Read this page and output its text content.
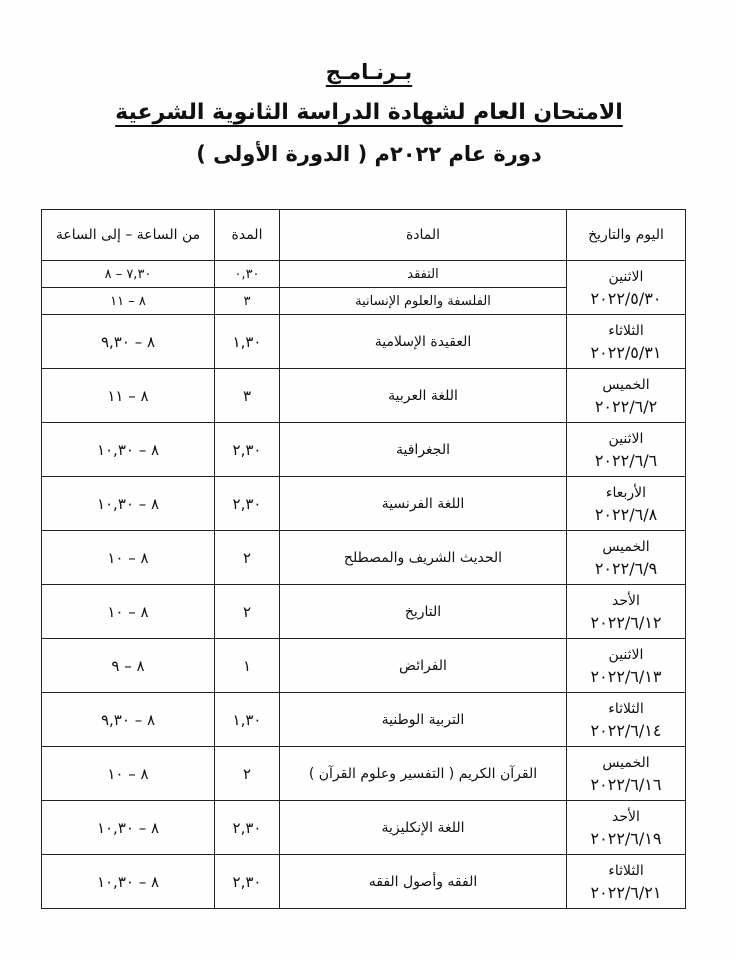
بـرنـامـج
الامتحان العام لشهادة الدراسة الثانوية الشرعية
دورة عام ٢٠٢٢م ( الدورة الأولى )
اليوم والتاريخ	المادة	المدة	من الساعة – إلى الساعة

الاثنين
٢٠٢٢/٥/٣٠	التفقد	٠,٣٠	٧,٣٠ – ٨
	الفلسفة والعلوم الإنسانية	٣	٨ – ١١

الثلاثاء
٢٠٢٢/٥/٣١	العقيدة الإسلامية	١,٣٠	٨ – ٩,٣٠

الخميس
٢٠٢٢/٦/٢	اللغة العربية	٣	٨ – ١١

الاثنين
٢٠٢٢/٦/٦	الجغرافية	٢,٣٠	٨ – ١٠,٣٠

الأربعاء
٢٠٢٢/٦/٨	اللغة الفرنسية	٢,٣٠	٨ – ١٠,٣٠

الخميس
٢٠٢٢/٦/٩	الحديث الشريف والمصطلح	٢	٨ – ١٠

الأحد
٢٠٢٢/٦/١٢	التاريخ	٢	٨ – ١٠

الاثنين
٢٠٢٢/٦/١٣	الفرائض	١	٨ – ٩

الثلاثاء
٢٠٢٢/٦/١٤	التربية الوطنية	١,٣٠	٨ – ٩,٣٠

الخميس
٢٠٢٢/٦/١٦	القرآن الكريم ( التفسير وعلوم القرآن )	٢	٨ – ١٠

الأحد
٢٠٢٢/٦/١٩	اللغة الإنكليزية	٢,٣٠	٨ – ١٠,٣٠

الثلاثاء
٢٠٢٢/٦/٢١	الفقه وأصول الفقه	٢,٣٠	٨ – ١٠,٣٠
